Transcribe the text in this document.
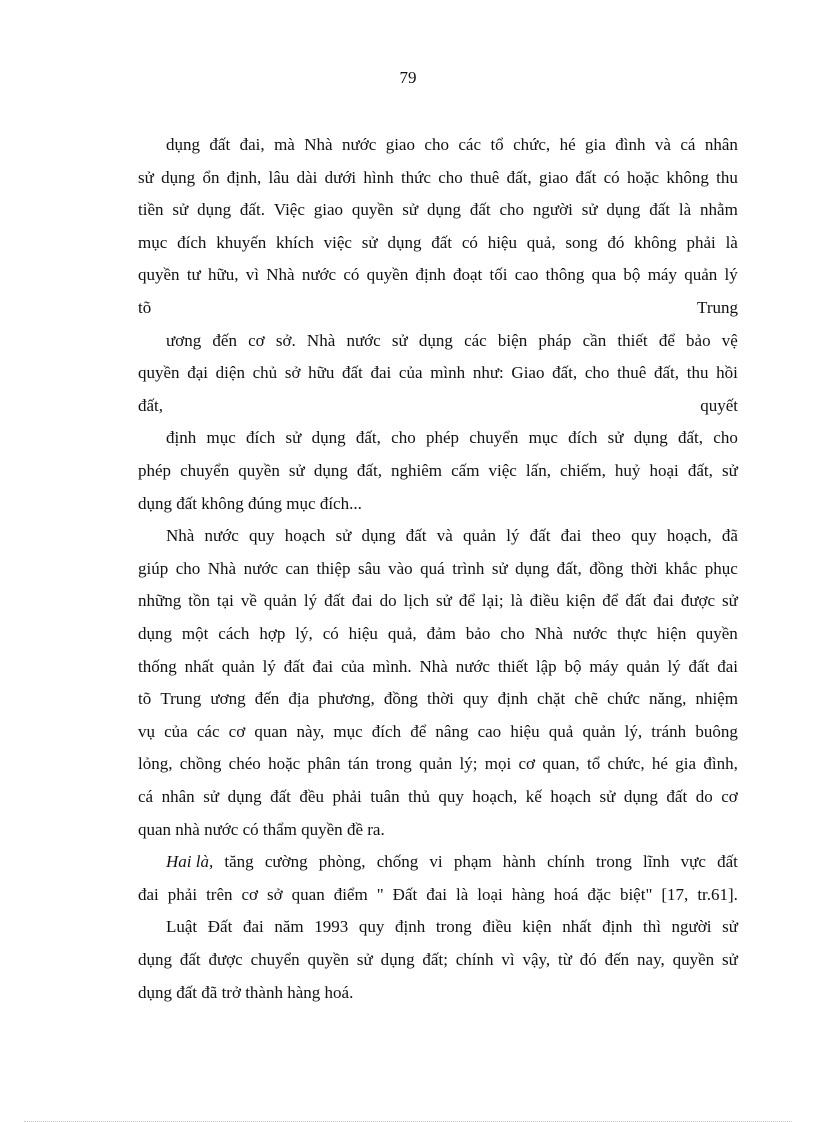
79
dụng đất đai, mà Nhà nước giao cho các tổ chức, hé gia đình và cá nhân
sử dụng ổn định, lâu dài dưới hình thức cho thuê đất, giao đất có hoặc không thu
tiền sử dụng đất. Việc giao quyền sử dụng đất cho người sử dụng đất là nhằm
mục đích khuyến khích việc sử dụng đất có hiệu quả, song đó không phải là
quyền tư hữu, vì Nhà nước có quyền định đoạt tối cao thông qua bộ máy quản lý
tõ	Trung
ương đến cơ sở. Nhà nước sử dụng các biện pháp cần thiết để bảo vệ
quyền đại diện chủ sở hữu đất đai của mình như: Giao đất, cho thuê đất, thu hồi
đất,	quyết
định mục đích sử dụng đất, cho phép chuyển mục đích sử dụng đất, cho
phép chuyển quyền sử dụng đất, nghiêm cấm việc lấn, chiếm, huỷ hoại đất, sử
dụng
đất
không
đúng
mục
đích...
Nhà nước quy hoạch sử dụng đất và quản lý đất đai theo quy hoạch, đã
giúp cho Nhà nước can thiệp sâu vào quá trình sử dụng đất, đồng thời khắc phục
những tồn tại về quản lý đất đai do lịch sử để lại; là điều kiện để đất đai được sử
dụng một cách hợp lý, có hiệu quả, đảm bảo cho Nhà nước thực hiện quyền
thống nhất quản lý đất đai của mình. Nhà nước thiết lập bộ máy quản lý đất đai
tõ Trung ương đến địa phương, đồng thời quy định chặt chẽ chức năng, nhiệm
vụ của các cơ quan này, mục đích để nâng cao hiệu quả quản lý, tránh buông
lỏng, chồng chéo hoặc phân tán trong quản lý; mọi cơ quan, tổ chức, hé gia đình,
cá nhân sử dụng đất đều phải tuân thủ quy hoạch, kế hoạch sử dụng đất do cơ
quan
nhà
nước
có
thẩm
quyền
đề
ra.
Hai là, tăng cường phòng, chống vi phạm hành chính trong lĩnh vực đất
đai phải trên cơ sở quan điểm " Đất đai là loại hàng hoá đặc biệt" [17, tr.61].
Luật Đất đai năm 1993 quy định trong điều kiện nhất định thì người sử
dụng đất được chuyển quyền sử dụng đất; chính vì vậy, từ đó đến nay, quyền sử
dụng
đất
đã
trở
thành
hàng
hoá.
